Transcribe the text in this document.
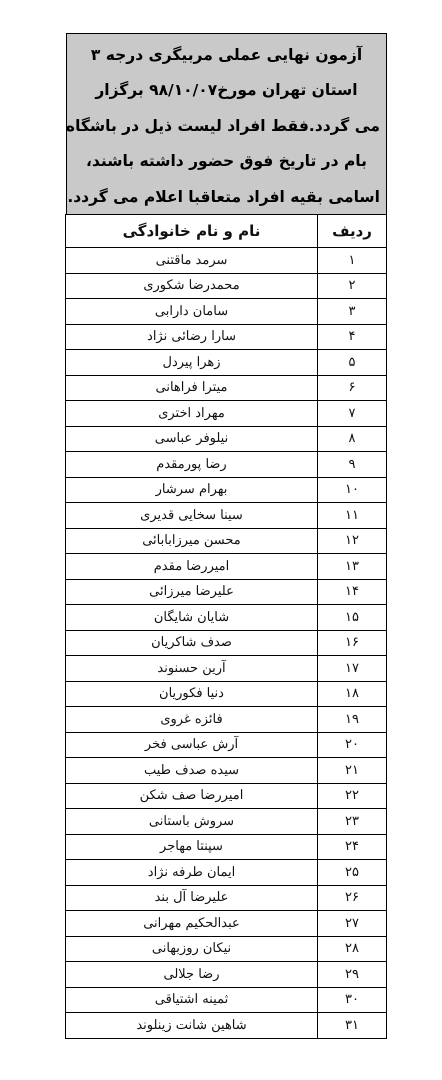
آزمون نهایی عملی مربیگری درجه ۳
استان تهران مورخ۹۸/۱۰/۰۷ برگزار
می گردد.فقط افراد لیست ذیل در باشگاه
بام در تاریخ فوق حضور داشته باشند،
اسامی بقیه افراد متعاقبا اعلام می گردد.
ردیف	نام و نام خانوادگی
۱	سرمد ماقتنی
۲	محمدرضا شکوری
۳	سامان دارابی
۴	سارا رضائی نژاد
۵	زهرا پیردل
۶	میترا فراهانی
۷	مهراد اختری
۸	نیلوفر عباسی
۹	رضا پورمقدم
۱۰	بهرام سرشار
۱۱	سینا سخایی قدیری
۱۲	محسن میرزابابائی
۱۳	امیررضا مقدم
۱۴	علیرضا میرزائی
۱۵	شایان شایگان
۱۶	صدف شاکریان
۱۷	آرین حسنوند
۱۸	دنیا فکوریان
۱۹	فائزه غروی
۲۰	آرش عباسی فخر
۲۱	سیده صدف طیب
۲۲	امیررضا صف شکن
۲۳	سروش باستانی
۲۴	سپنتا مهاجر
۲۵	ایمان طرفه نژاد
۲۶	علیرضا آل بند
۲۷	عبدالحکیم مهرانی
۲۸	نیکان روزبهانی
۲۹	رضا جلالی
۳۰	ثمینه اشتیاقی
۳۱	شاهین شانت زینلوند
